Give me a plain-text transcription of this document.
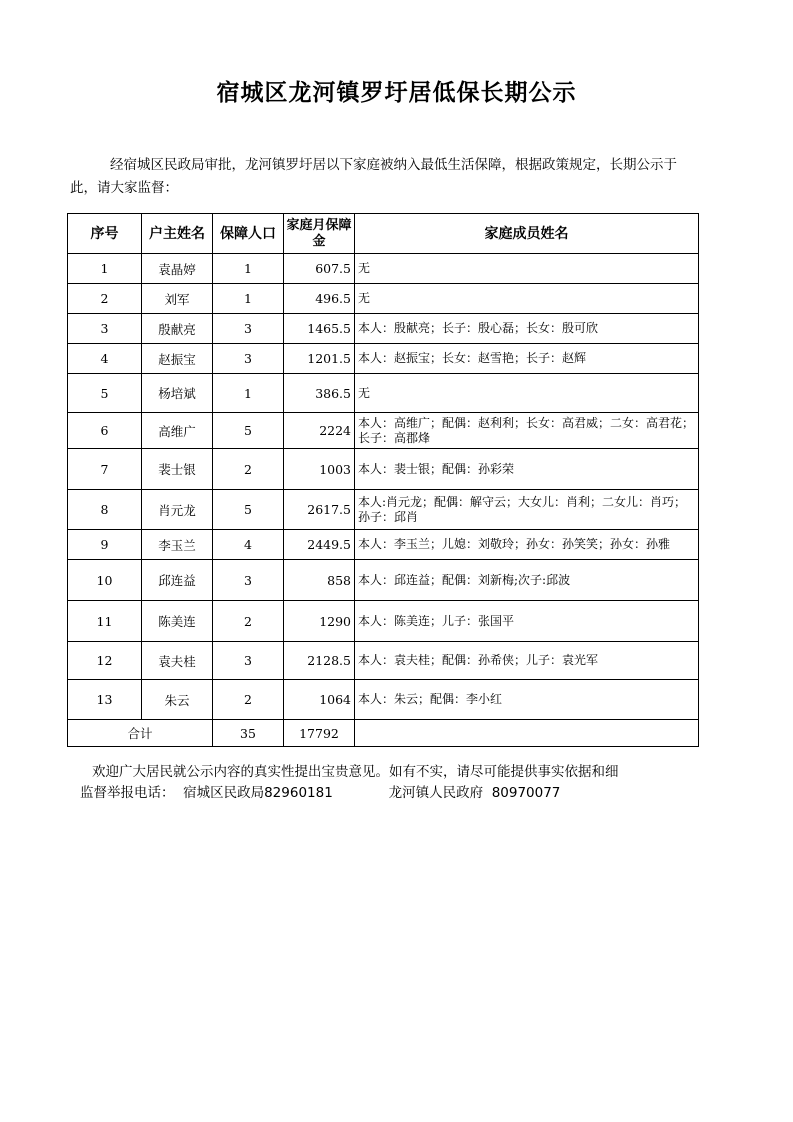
宿城区龙河镇罗圩居低保长期公示
经宿城区民政局审批，龙河镇罗圩居以下家庭被纳入最低生活保障，根据政策规定，长期公示于此，请大家监督：
序号	户主姓名	保障人口	家庭月保障　金	家庭成员姓名
1	袁晶婷	1	607.5	无
2	刘军	1	496.5	无
3	殷献亮	3	1465.5	本人：殷献亮；长子：殷心磊；长女：殷可欣
4	赵振宝	3	1201.5	本人：赵振宝；长女：赵雪艳；长子：赵辉
5	杨培斌	1	386.5	无
6	高维广	5	2224	本人：高维广；配偶：赵利利；长女：高君威；二女：高君花；长子：高郡烽
7	裴士银	2	1003	本人：裴士银；配偶：孙彩荣
8	肖元龙	5	2617.5	本人:肖元龙；配偶：解守云；大女儿：肖利；二女儿：肖巧；孙子：邱肖
9	李玉兰	4	2449.5	本人：李玉兰；儿媳：刘敬玲；孙女：孙笑笑；孙女：孙雅
10	邱连益	3	858	本人：邱连益；配偶：刘新梅;次子:邱波
11	陈美连	2	1290	本人：陈美连；儿子：张国平
12	袁夫桂	3	2128.5	本人：袁夫桂；配偶：孙希侠；儿子：袁光军
13	朱云	2	1064	本人：朱云；配偶：李小红
合计		35	17792	
欢迎广大居民就公示内容的真实性提出宝贵意见。如有不实，请尽可能提供事实依据和细
监督举报电话：  宿城区民政局82960181             龙河镇人民政府  80970077
